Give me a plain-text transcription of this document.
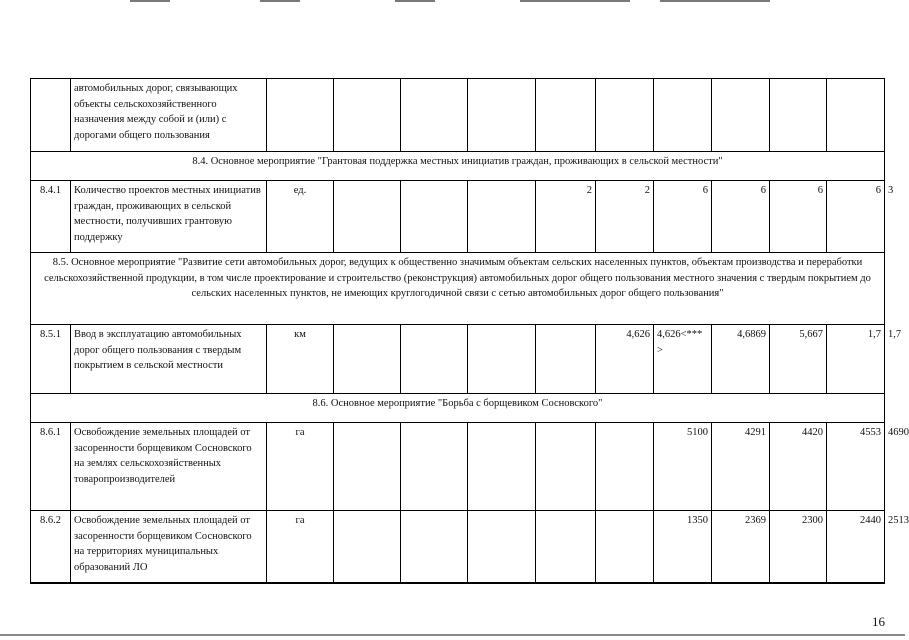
	автомобильных дорог, связывающих объекты сельскохозяйственного назначения между собой и (или) с дорогами общего пользования											
8.4. Основное мероприятие "Грантовая поддержка местных инициатив граждан, проживающих в сельской местности"												
8.4.1	Количество проектов местных инициатив граждан, проживающих в сельской местности, получивших грантовую поддержку	ед.				2	2	6	6	6	6	3
8.5. Основное мероприятие "Развитие сети автомобильных дорог, ведущих к общественно значимым объектам сельских населенных пунктов, объектам производства и переработки сельскохозяйственной продукции, в том числе проектирование и строительство (реконструкция) автомобильных дорог общего пользования местного значения с твердым покрытием до сельских населенных пунктов, не имеющих круглогодичной связи с сетью автомобильных дорог общего пользования"												
8.5.1	Ввод в эксплуатацию автомобильных дорог общего пользования с твердым покрытием в сельской местности	км					4,626	4,626<***>	4,6869	5,667	1,7	1,7
8.6. Основное мероприятие "Борьба с борщевиком Сосновского"												
8.6.1	Освобождение земельных площадей от засоренности борщевиком Сосновского на землях сельскохозяйственных товаропроизводителей	га						5100	4291	4420	4553	4690
8.6.2	Освобождение земельных площадей от засоренности борщевиком Сосновского на территориях муниципальных образований ЛО	га						1350	2369	2300	2440	2513
16
